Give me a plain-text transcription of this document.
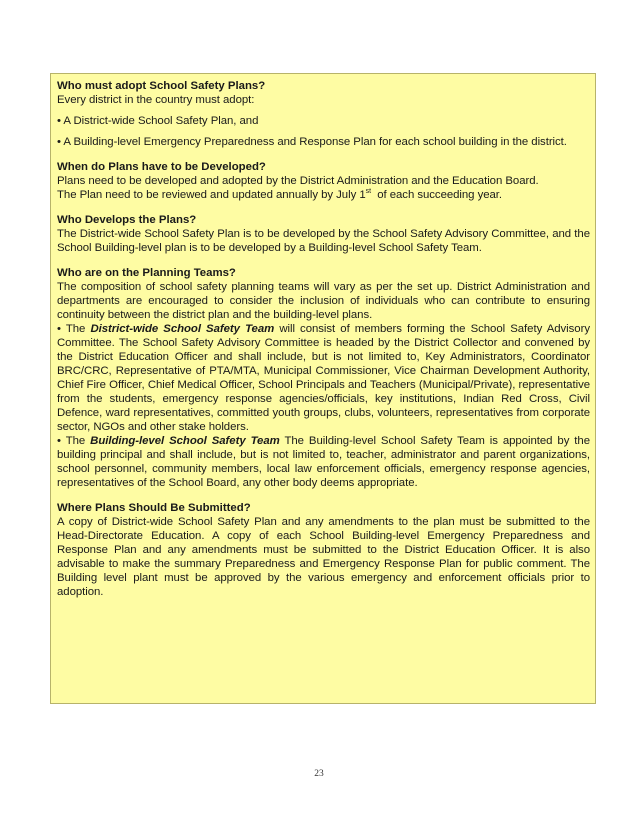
Who must adopt School Safety Plans?

Every district in the country must adopt:

• A District-wide School Safety Plan, and

• A Building-level Emergency Preparedness and Response Plan for each school building in the district.

When do Plans have to be Developed?

Plans need to be developed and adopted by the District Administration and the Education Board.

The Plan need to be reviewed and updated annually by July 1st  of each succeeding year.

Who Develops the Plans?

The District-wide School Safety Plan is to be developed by the School Safety Advisory Committee, and the School Building-level plan is to be developed by a Building-level School Safety Team.

Who are on the Planning Teams?

The composition of school safety planning teams will vary as per the set up. District Administration and departments are encouraged to consider the inclusion of individuals who can contribute to ensuring continuity between the district plan and the building-level plans.

• The District-wide School Safety Team will consist of members forming the School Safety Advisory Committee. The School Safety Advisory Committee is headed by the District Collector and convened by the District Education Officer and shall include, but is not limited to, Key Administrators, Coordinator BRC/CRC, Representative of PTA/MTA, Municipal Commissioner, Vice Chairman Development Authority, Chief Fire Officer, Chief Medical Officer, School Principals and Teachers (Municipal/Private), representative from the students, emergency response agencies/officials, key institutions, Indian Red Cross, Civil Defence, ward representatives, committed youth groups, clubs, volunteers, representatives from corporate sector, NGOs and other stake holders.

• The Building-level School Safety Team The Building-level School Safety Team is appointed by the building principal and shall include, but is not limited to, teacher, administrator and parent organizations, school personnel, community members, local law enforcement officials, emergency response agencies, representatives of the School Board, any other body deems appropriate.

Where Plans Should Be Submitted?

A copy of District-wide School Safety Plan and any amendments to the plan must be submitted to the Head-Directorate Education. A copy of each School Building-level Emergency Preparedness and Response Plan and any amendments must be submitted to the District Education Officer. It is also advisable to make the summary Preparedness and Emergency Response Plan for public comment. The Building level plant must be approved by the various emergency and enforcement officials prior to adoption.

23
